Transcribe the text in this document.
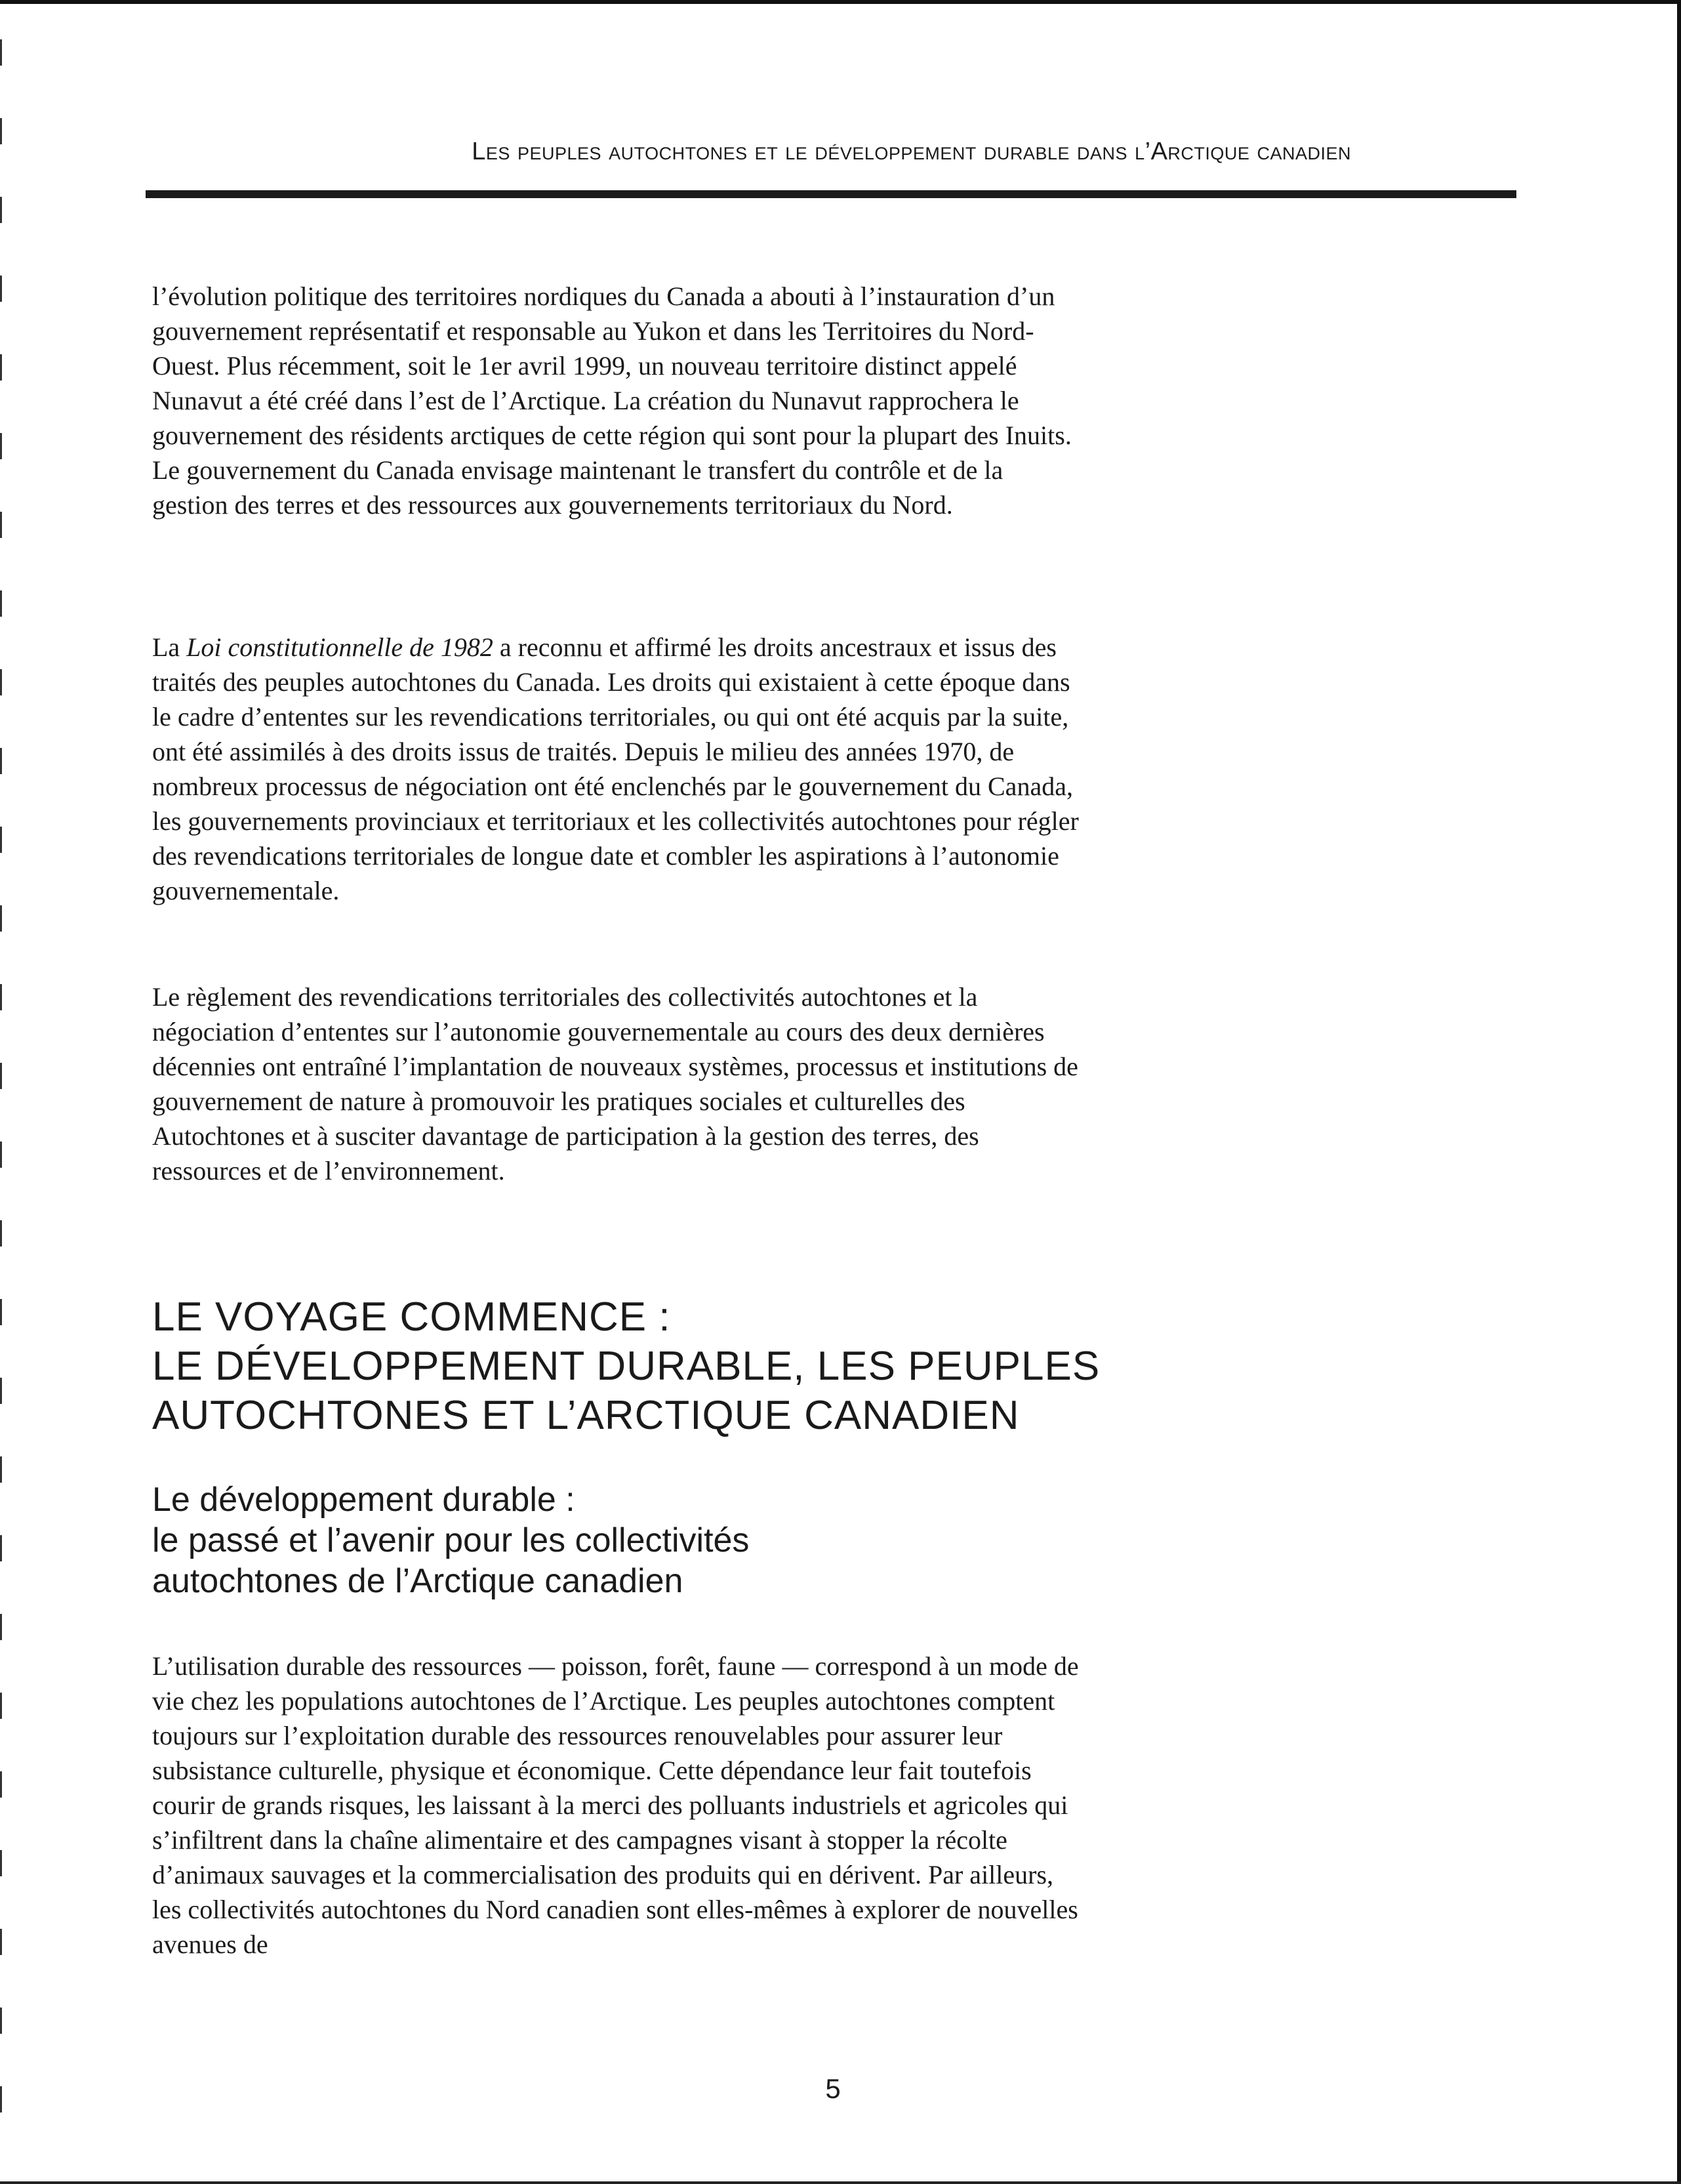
Les peuples autochtones et le développement durable dans l’Arctique canadien

l’évolution politique des territoires nordiques du Canada a abouti à l’instauration d’un gouvernement représentatif et responsable au Yukon et dans les Territoires du Nord-Ouest. Plus récemment, soit le 1er avril 1999, un nouveau territoire distinct appelé Nunavut a été créé dans l’est de l’Arctique. La création du Nunavut rapprochera le gouvernement des résidents arctiques de cette région qui sont pour la plupart des Inuits. Le gouvernement du Canada envisage maintenant le transfert du contrôle et de la gestion des terres et des ressources aux gouvernements territoriaux du Nord.

La Loi constitutionnelle de 1982 a reconnu et affirmé les droits ancestraux et issus des traités des peuples autochtones du Canada. Les droits qui existaient à cette époque dans le cadre d’ententes sur les revendications territoriales, ou qui ont été acquis par la suite, ont été assimilés à des droits issus de traités. Depuis le milieu des années 1970, de nombreux processus de négociation ont été enclenchés par le gouvernement du Canada, les gouvernements provinciaux et territoriaux et les collectivités autochtones pour régler des revendications territoriales de longue date et combler les aspirations à l’autonomie gouvernementale.

Le règlement des revendications territoriales des collectivités autochtones et la négociation d’ententes sur l’autonomie gouvernementale au cours des deux dernières décennies ont entraîné l’implantation de nouveaux systèmes, processus et institutions de gouvernement de nature à promouvoir les pratiques sociales et culturelles des Autochtones et à susciter davantage de participation à la gestion des terres, des ressources et de l’environnement.

LE VOYAGE COMMENCE :
LE DÉVELOPPEMENT DURABLE, LES PEUPLES
AUTOCHTONES ET L’ARCTIQUE CANADIEN
Le développement durable :
le passé et l’avenir pour les collectivités
autochtones de l’Arctique canadien

L’utilisation durable des ressources — poisson, forêt, faune — correspond à un mode de vie chez les populations autochtones de l’Arctique. Les peuples autochtones comptent toujours sur l’exploitation durable des ressources renouvelables pour assurer leur subsistance culturelle, physique et économique. Cette dépendance leur fait toutefois courir de grands risques, les laissant à la merci des polluants industriels et agricoles qui s’infiltrent dans la chaîne alimentaire et des campagnes visant à stopper la récolte d’animaux sauvages et la commercialisation des produits qui en dérivent. Par ailleurs, les collectivités autochtones du Nord canadien sont elles-mêmes à explorer de nouvelles avenues de

5
